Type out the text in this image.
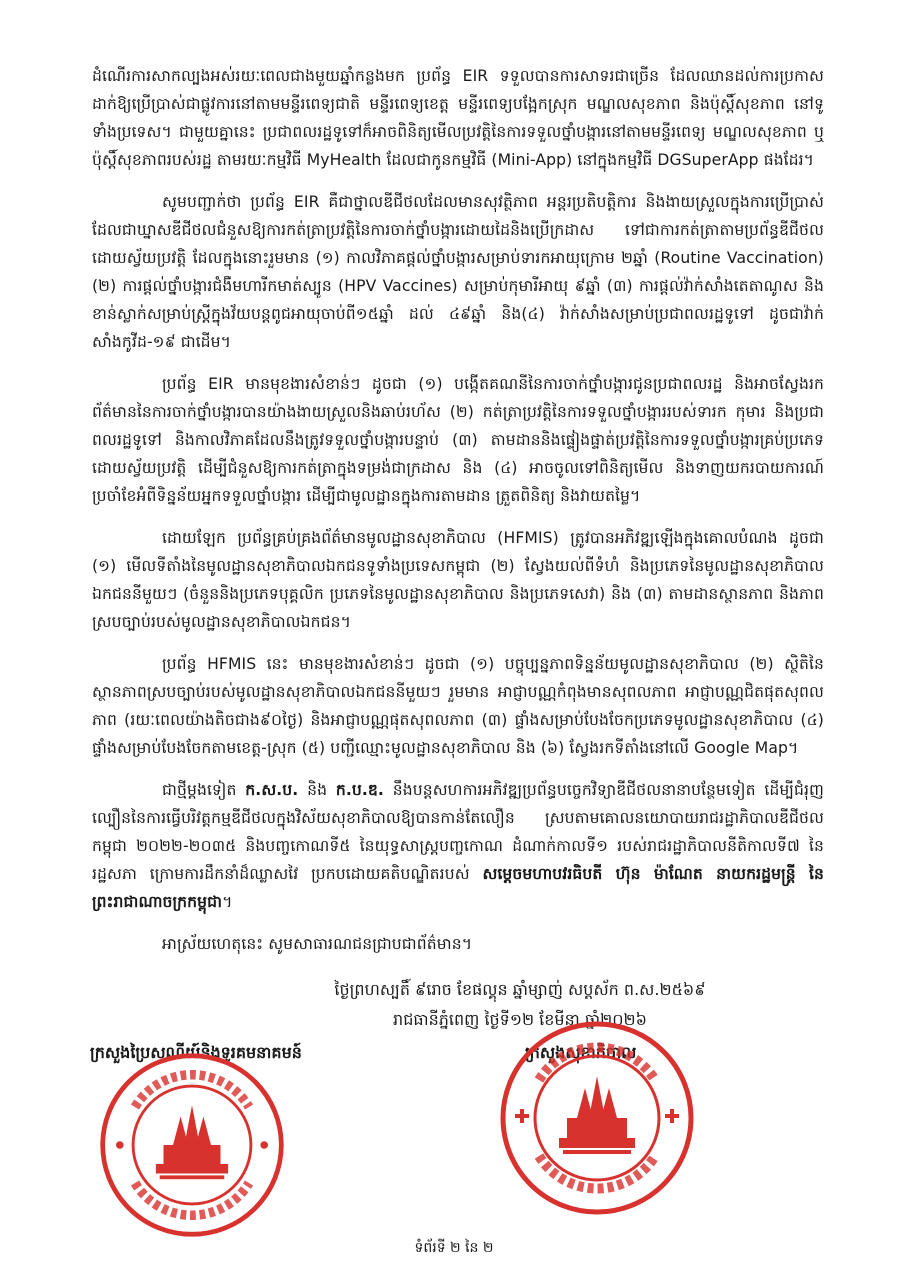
ដំណើរការសាកល្បងអស់រយៈពេលជាងមួយឆ្នាំកន្លងមក ប្រព័ន្ធ EIR ទទួលបានការសាទរជាច្រើន ដែលឈានដល់ការប្រកាសដាក់ឱ្យប្រើប្រាស់ជាផ្លូវការនៅតាមមន្ទីរពេទ្យជាតិ មន្ទីរពេទ្យខេត្ត មន្ទីរពេទ្យបង្អែកស្រុក មណ្ឌលសុខភាព និងប៉ុស្តិ៍សុខភាព នៅទូទាំងប្រទេស។ ជាមួយគ្នានេះ ប្រជាពលរដ្ឋទូទៅក៏អាចពិនិត្យមើលប្រវត្តិនៃការទទួលថ្នាំបង្ការនៅតាមមន្ទីរពេទ្យ មណ្ឌលសុខភាព ឬប៉ុស្តិ៍សុខភាពរបស់រដ្ឋ តាមរយៈកម្មវិធី MyHealth ដែលជាកូនកម្មវិធី (Mini-App) នៅក្នុងកម្មវិធី DGSuperApp ផងដែរ។

សូមបញ្ជាក់ថា ប្រព័ន្ធ EIR គឺជាថ្នាលឌីជីថលដែលមានសុវត្ថិភាព អន្តរប្រតិបត្តិការ និងងាយស្រួលក្នុងការប្រើប្រាស់ ដែលជាឃ្នាសឌីជីថលជំនួសឱ្យការកត់ត្រាប្រវត្តិនៃការចាក់ថ្នាំបង្ការដោយដៃនិងប្រើក្រដាស ទៅជាការកត់ត្រាតាមប្រព័ន្ធឌីជីថលដោយស្វ័យប្រវត្តិ ដែលក្នុងនោះរួមមាន (១) កាលវិភាគផ្តល់ថ្នាំបង្ការសម្រាប់ទារកអាយុក្រោម ២ឆ្នាំ (Routine Vaccination) (២) ការផ្តល់ថ្នាំបង្ការជំងឺមហារីកមាត់ស្បូន (HPV Vaccines) សម្រាប់កុមារីអាយុ ៩ឆ្នាំ (៣) ការផ្តល់វ៉ាក់សាំងតេតាណូស និងខាន់ស្លាក់សម្រាប់ស្ត្រីក្នុងវ័យបន្តពូជអាយុចាប់ពី១៥ឆ្នាំ ដល់ ៤៩ឆ្នាំ និង(៤) វ៉ាក់សាំងសម្រាប់ប្រជាពលរដ្ឋទូទៅ ដូចជាវ៉ាក់សាំងកូវីដ-១៩ ជាដើម។

ប្រព័ន្ធ EIR មានមុខងារសំខាន់ៗ ដូចជា (១) បង្កើតគណនីនៃការចាក់ថ្នាំបង្ការជូនប្រជាពលរដ្ឋ និងអាចស្វែងរកព័ត៌មាននៃការចាក់ថ្នាំបង្ការបានយ៉ាងងាយស្រួលនិងឆាប់រហ័ស (២) កត់ត្រាប្រវត្តិនៃការទទួលថ្នាំបង្ការរបស់ទារក កុមារ និងប្រជាពលរដ្ឋទូទៅ និងកាលវិភាគដែលនឹងត្រូវទទួលថ្នាំបង្ការបន្ទាប់ (៣) តាមដាននិងផ្ទៀងផ្ទាត់ប្រវត្តិនៃការទទួលថ្នាំបង្ការគ្រប់ប្រភេទដោយស្វ័យប្រវត្តិ ដើម្បីជំនួសឱ្យការកត់ត្រាក្នុងទម្រង់ជាក្រដាស និង (៤) អាចចូលទៅពិនិត្យមើល និងទាញយករបាយការណ៍ប្រចាំខែអំពីទិន្នន័យអ្នកទទួលថ្នាំបង្ការ ដើម្បីជាមូលដ្ឋានក្នុងការតាមដាន ត្រួតពិនិត្យ និងវាយតម្លៃ។

ដោយឡែក ប្រព័ន្ធគ្រប់គ្រងព័ត៌មានមូលដ្ឋានសុខាភិបាល (HFMIS) ត្រូវបានអភិវឌ្ឍឡើងក្នុងគោលបំណង ដូចជា (១) មើលទីតាំងនៃមូលដ្ឋានសុខាភិបាលឯកជនទូទាំងប្រទេសកម្ពុជា (២) ស្វែងយល់ពីទំហំ និងប្រភេទនៃមូលដ្ឋានសុខាភិបាលឯកជននីមួយៗ (ចំនួននិងប្រភេទបុគ្គលិក ប្រភេទនៃមូលដ្ឋានសុខាភិបាល និងប្រភេទសេវា) និង (៣) តាមដានស្ថានភាព និងភាពស្របច្បាប់របស់មូលដ្ឋានសុខាភិបាលឯកជន។

ប្រព័ន្ធ HFMIS នេះ មានមុខងារសំខាន់ៗ ដូចជា (១) បច្ចុប្បន្នភាពទិន្នន័យមូលដ្ឋានសុខាភិបាល (២) ស្ថិតិនៃស្ថានភាពស្របច្បាប់របស់មូលដ្ឋានសុខាភិបាលឯកជននីមួយៗ រួមមាន អាជ្ញាបណ្ណកំពុងមានសុពលភាព អាជ្ញាបណ្ណជិតផុតសុពលភាព (រយៈពេលយ៉ាងតិចជាង៩០ថ្ងៃ) និងអាជ្ញាបណ្ណផុតសុពលភាព (៣) ផ្ទាំងសម្រាប់បែងចែកប្រភេទមូលដ្ឋានសុខាភិបាល (៤) ផ្ទាំងសម្រាប់បែងចែកតាមខេត្ត-ស្រុក (៥) បញ្ជីឈ្មោះមូលដ្ឋានសុខាភិបាល និង (៦) ស្វែងរកទីតាំងនៅលើ Google Map។

ជាថ្មីម្តងទៀត ក.ស.ប. និង ក.ប.ឌ. នឹងបន្តសហការអភិវឌ្ឍប្រព័ន្ធបច្ចេកវិទ្យាឌីជីថលនានាបន្ថែមទៀត ដើម្បីជំរុញល្បឿននៃការធ្វើបរិវត្តកម្មឌីជីថលក្នុងវិស័យសុខាភិបាលឱ្យបានកាន់តែលឿន ស្របតាមគោលនយោបាយរាជរដ្ឋាភិបាលឌីជីថលកម្ពុជា ២០២២-២០៣៥ និងបញ្ចកោណទី៥ នៃយុទ្ធសាស្ត្របញ្ចកោណ ដំណាក់កាលទី១ របស់រាជរដ្ឋាភិបាលនីតិកាលទី៧ នៃរដ្ឋសភា ក្រោមការដឹកនាំដ៏ឈ្លាសវៃ ប្រកបដោយគតិបណ្ឌិតរបស់ សម្តេចមហាបវរធិបតី ហ៊ុន ម៉ាណែត នាយករដ្ឋមន្ត្រី នៃព្រះរាជាណាចក្រកម្ពុជា។

អាស្រ័យហេតុនេះ សូមសាធារណជនជ្រាបជាព័ត៌មាន។

ថ្ងៃព្រហស្បតិ៍ ៩រោច ខែផល្គុន ឆ្នាំម្សាញ់ សប្តស័ក ព.ស.២៥៦៩
រាជធានីភ្នំពេញ ថ្ងៃទី១២ ខែមីនា ឆ្នាំ២០២៦
ក្រសួងប្រៃសណីយ៍និងទូរគមនាគមន៍	ក្រសួងសុខាភិបាល
ទំព័រទី ២ នៃ ២
